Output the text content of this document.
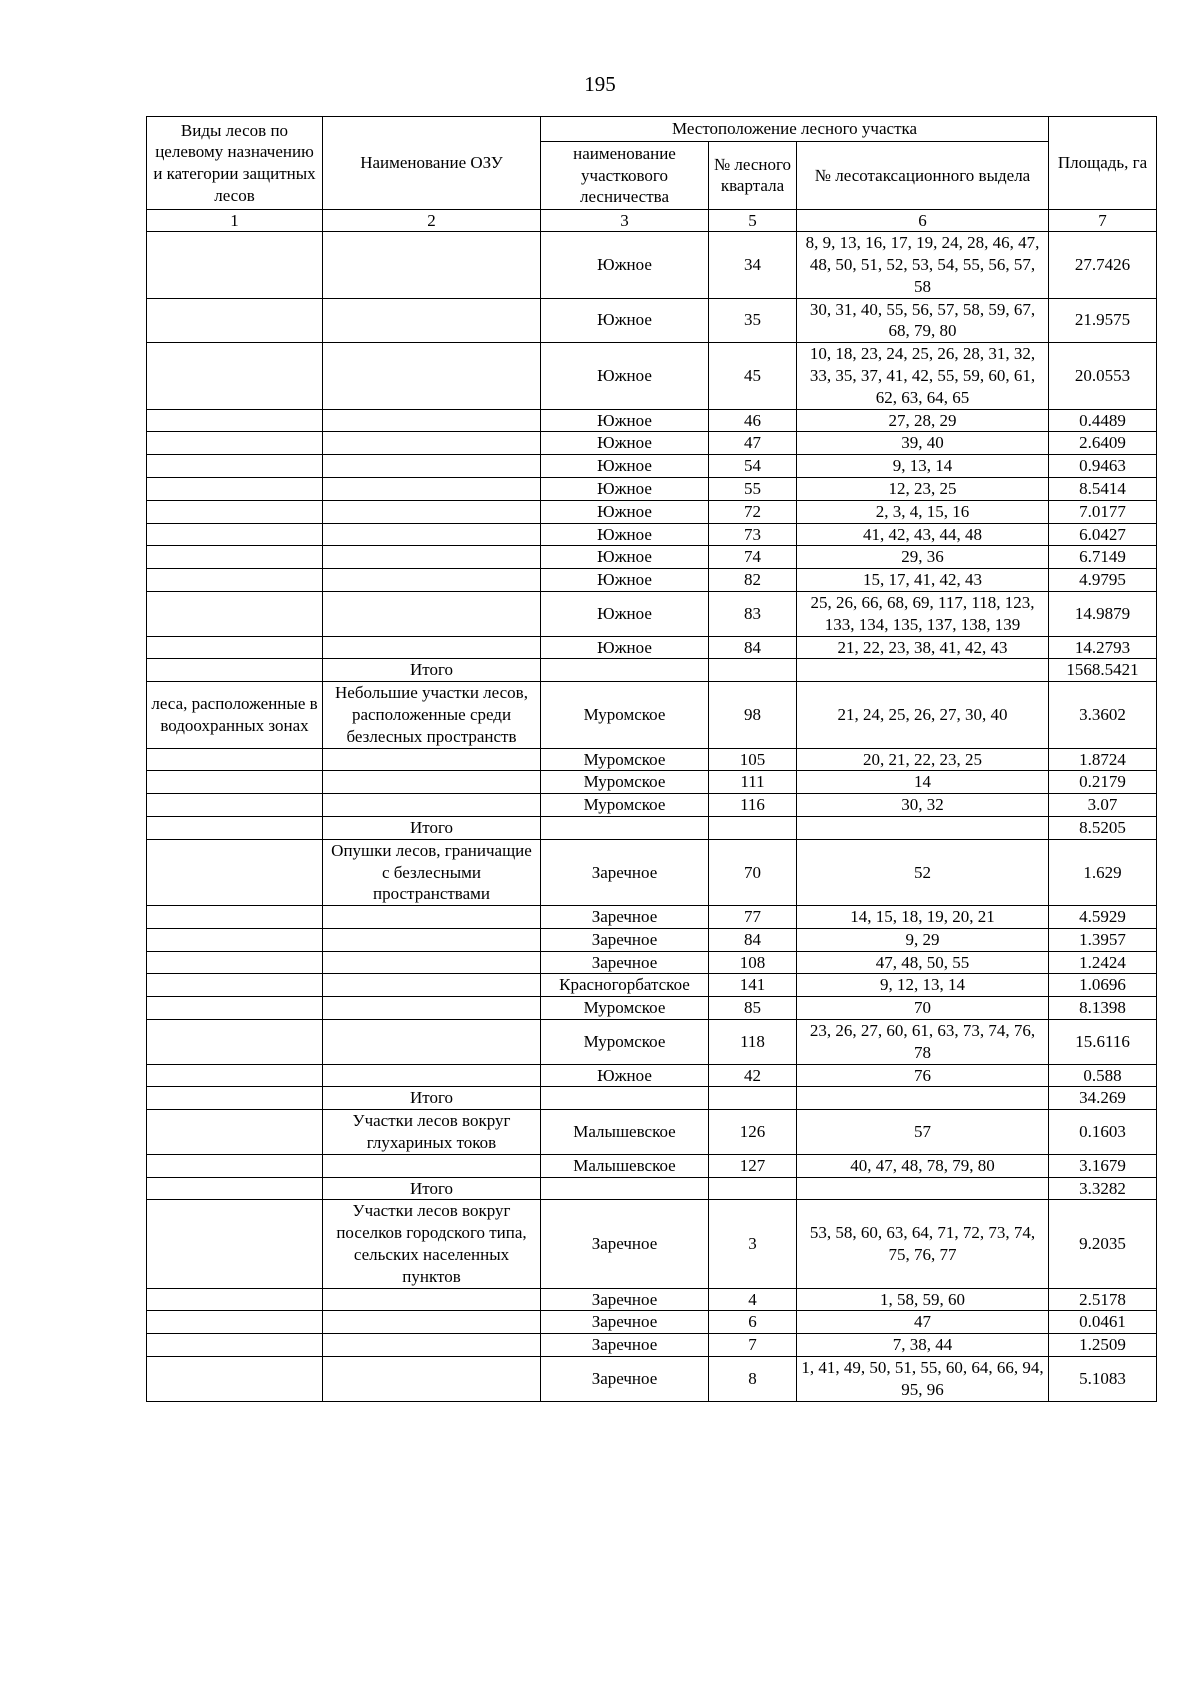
195
Виды лесов по целевому назначению и категории защитных лесов	Наименование ОЗУ	Местоположение лесного участка			Площадь, га
		наименование участкового лесничества	№ лесного квартала	№ лесотаксационного выдела	
1	2	3	5	6	7
		Южное	34	8, 9, 13, 16, 17, 19, 24, 28, 46, 47, 48, 50, 51, 52, 53, 54, 55, 56, 57, 58	27.7426
		Южное	35	30, 31, 40, 55, 56, 57, 58, 59, 67, 68, 79, 80	21.9575
		Южное	45	10, 18, 23, 24, 25, 26, 28, 31, 32, 33, 35, 37, 41, 42, 55, 59, 60, 61, 62, 63, 64, 65	20.0553
		Южное	46	27, 28, 29	0.4489
		Южное	47	39, 40	2.6409
		Южное	54	9, 13, 14	0.9463
		Южное	55	12, 23, 25	8.5414
		Южное	72	2, 3, 4, 15, 16	7.0177
		Южное	73	41, 42, 43, 44, 48	6.0427
		Южное	74	29, 36	6.7149
		Южное	82	15, 17, 41, 42, 43	4.9795
		Южное	83	25, 26, 66, 68, 69, 117, 118, 123, 133, 134, 135, 137, 138, 139	14.9879
		Южное	84	21, 22, 23, 38, 41, 42, 43	14.2793
	Итого				1568.5421
леса, расположенные в водоохранных зонах	Небольшие участки лесов, расположенные среди безлесных пространств	Муромское	98	21, 24, 25, 26, 27, 30, 40	3.3602
		Муромское	105	20, 21, 22, 23, 25	1.8724
		Муромское	111	14	0.2179
		Муромское	116	30, 32	3.07
	Итого				8.5205
	Опушки лесов, граничащие с безлесными пространствами	Заречное	70	52	1.629
		Заречное	77	14, 15, 18, 19, 20, 21	4.5929
		Заречное	84	9, 29	1.3957
		Заречное	108	47, 48, 50, 55	1.2424
		Красногорбатское	141	9, 12, 13, 14	1.0696
		Муромское	85	70	8.1398
		Муромское	118	23, 26, 27, 60, 61, 63, 73, 74, 76, 78	15.6116
		Южное	42	76	0.588
	Итого				34.269
	Участки лесов вокруг глухариных токов	Малышевское	126	57	0.1603
		Малышевское	127	40, 47, 48, 78, 79, 80	3.1679
	Итого				3.3282
	Участки лесов вокруг поселков городского типа, сельских населенных пунктов	Заречное	3	53, 58, 60, 63, 64, 71, 72, 73, 74, 75, 76, 77	9.2035
		Заречное	4	1, 58, 59, 60	2.5178
		Заречное	6	47	0.0461
		Заречное	7	7, 38, 44	1.2509
		Заречное	8	1, 41, 49, 50, 51, 55, 60, 64, 66, 94, 95, 96	5.1083
